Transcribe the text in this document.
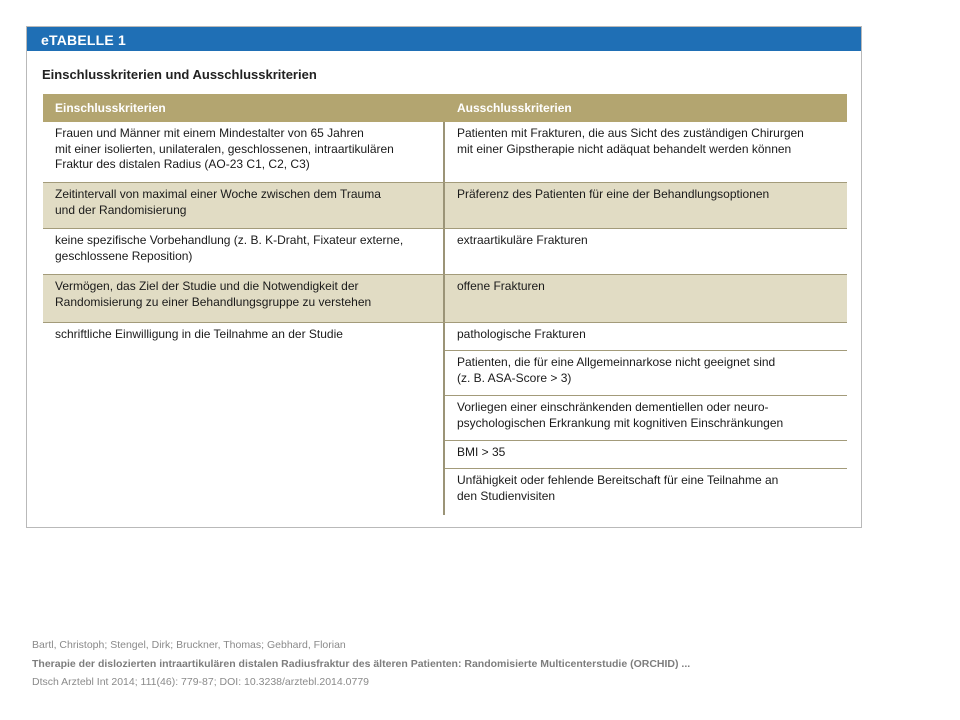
eTABELLE 1
Einschlusskriterien und Ausschlusskriterien
Einschlusskriterien	Ausschlusskriterien
Frauen und Männer mit einem Mindestalter von 65 Jahren
mit einer isolierten, unilateralen, geschlossenen, intraartikulären
Fraktur des distalen Radius (AO-23 C1, C2, C3)
Patienten mit Frakturen, die aus Sicht des zuständigen Chirurgen
mit einer Gipstherapie nicht adäquat behandelt werden können
Zeitintervall von maximal einer Woche zwischen dem Trauma
und der Randomisierung
Präferenz des Patienten für eine der Behandlungsoptionen
keine spezifische Vorbehandlung (z. B. K-Draht, Fixateur externe,
geschlossene Reposition)
extraartikuläre Frakturen
Vermögen, das Ziel der Studie und die Notwendigkeit der
Randomisierung zu einer Behandlungsgruppe zu verstehen
offene Frakturen
schriftliche Einwilligung in die Teilnahme an der Studie	pathologische Frakturen
Patienten, die für eine Allgemeinnarkose nicht geeignet sind
(z. B. ASA-Score > 3)
Vorliegen einer einschränkenden dementiellen oder neuro-
psychologischen Erkrankung mit kognitiven Einschränkungen
BMI > 35
Unfähigkeit oder fehlende Bereitschaft für eine Teilnahme an
den Studienvisiten
Bartl, Christoph; Stengel, Dirk; Bruckner, Thomas; Gebhard, Florian
Therapie der dislozierten intraartikulären distalen Radiusfraktur des älteren Patienten: Randomisierte Multicenterstudie (ORCHID) ...
Dtsch Arztebl Int 2014; 111(46): 779-87; DOI: 10.3238/arztebl.2014.0779
